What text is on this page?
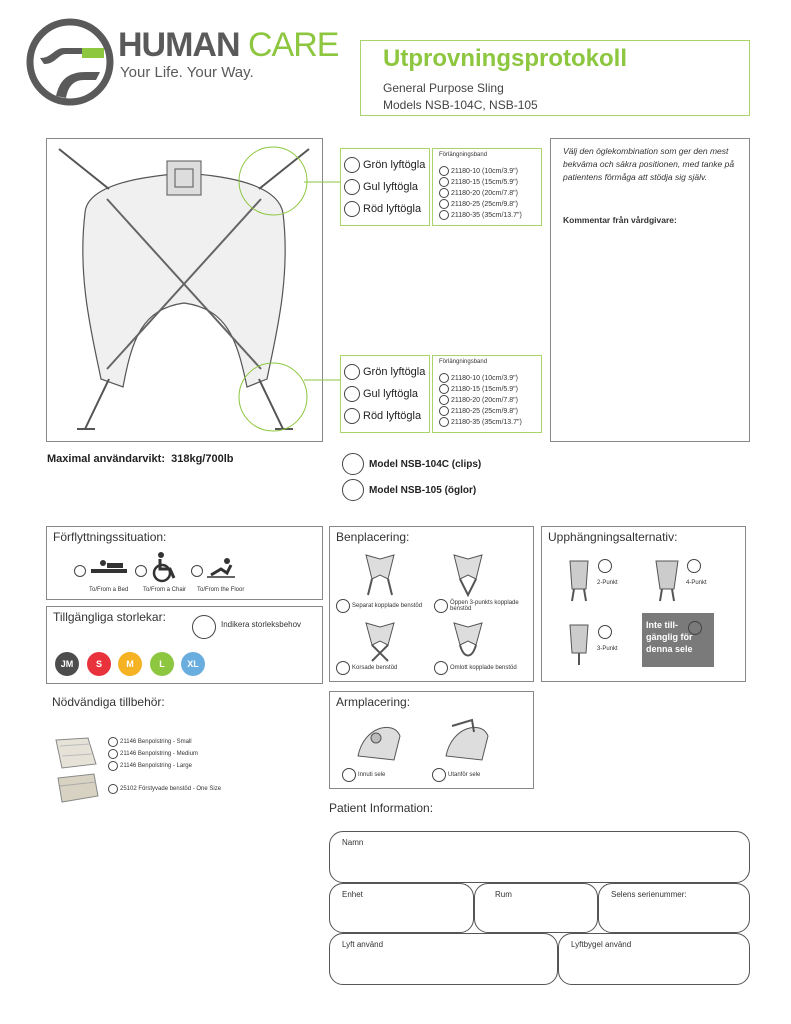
HUMAN CARE
Your Life. Your Way.
Utprovningsprotokoll
General Purpose Sling
Models NSB-104C, NSB-105
Grön lyftögla
Gul lyftögla
Röd lyftögla
Förlängningsband
21180-10 (10cm/3.9")
21180-15 (15cm/5.9")
21180-20 (20cm/7.8")
21180-25 (25cm/9.8")
21180-35 (35cm/13.7")
Grön lyftögla
Gul lyftögla
Röd lyftögla
Förlängningsband
21180-10 (10cm/3.9")
21180-15 (15cm/5.9")
21180-20 (20cm/7.8")
21180-25 (25cm/9.8")
21180-35 (35cm/13.7")
Välj den öglekombination som ger den mest bekväma och säkra positionen, med tanke på patientens förmåga att stödja sig själv.
Kommentar från vårdgivare:
Maximal användarvikt:  318kg/700lb	Model NSB-104C (clips)
Model NSB-105 (öglor)
Förflyttningssituation:
To/From a Bed To/From a Chair To/From the Floor
Tillgängliga storlekar:
Indikera storleksbehov
JM	S	M	L XL
Benplacering:
Separat kopplade benstöd	Öppen 3-punkts kopplade benstöd
Korsade benstöd	Omlott kopplade benstöd
Upphängningsalternativ:
2-Punkt	4-Punkt
3-Punkt
Inte till-gänglig för denna sele
Nödvändiga tillbehör:
21146 Benpolstring - Small
21146 Benpolstring - Medium
21146 Benpolstring - Large
25102 Förstyvade benstöd - One Size
Armplacering:
Innuti sele	Utanför sele
Patient Information:
Namn
Enhet	Rum	Selens serienummer:
Lyft använd	Lyftbygel använd
